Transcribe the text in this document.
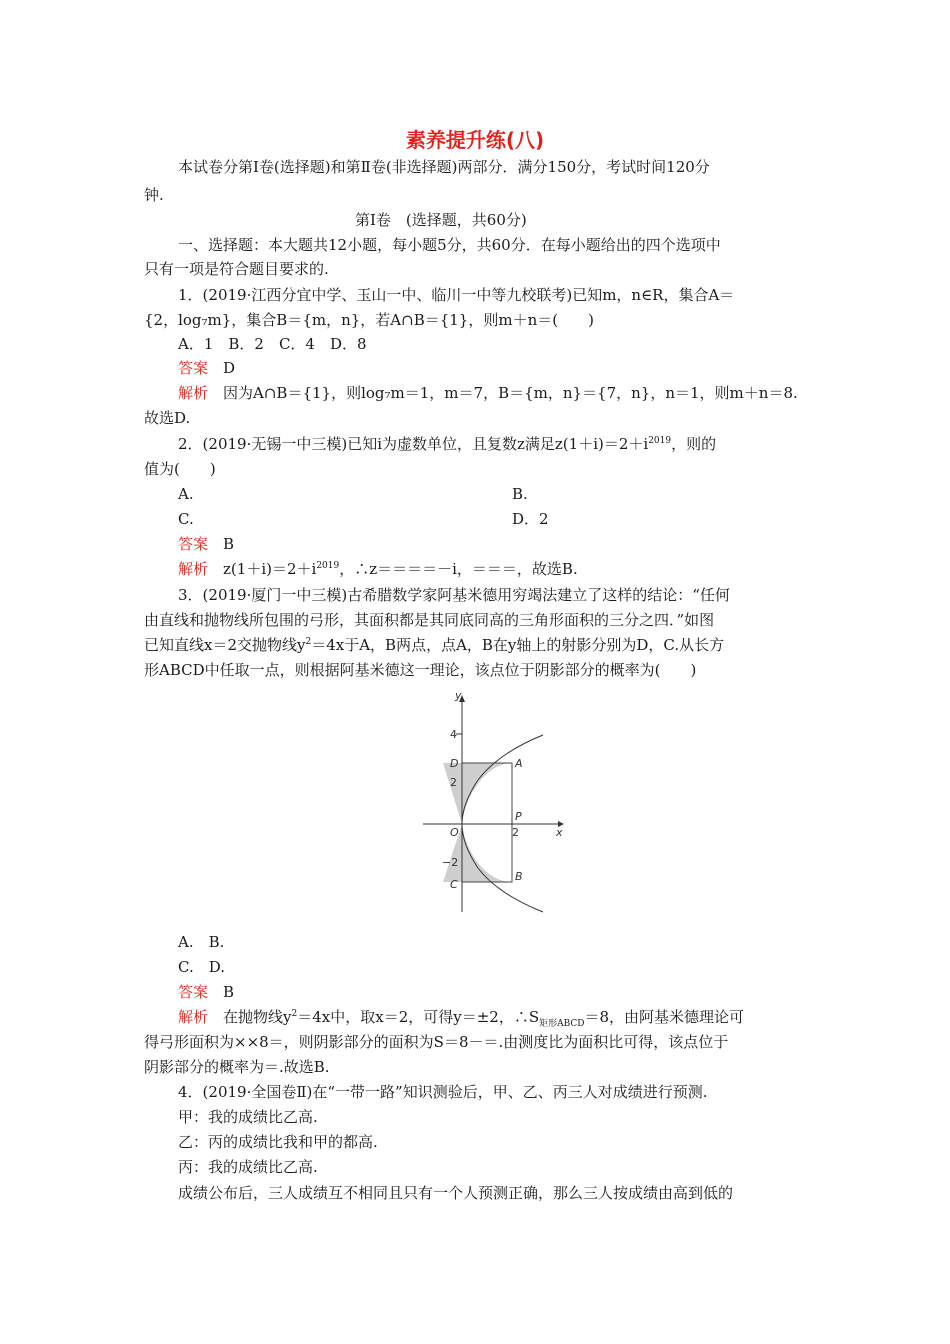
素养提升练(八)
本试卷分第Ⅰ卷(选择题)和第Ⅱ卷(非选择题)两部分．满分150分，考试时间120分
钟.
第Ⅰ卷　(选择题，共60分)
一、选择题：本大题共12小题，每小题5分，共60分．在每小题给出的四个选项中
只有一项是符合题目要求的.
1．(2019·江西分宜中学、玉山一中、临川一中等九校联考)已知m，n∈R，集合A＝
{2，log₇m}，集合B＝{m，n}，若A∩B＝{1}，则m＋n＝(　　)
A．1　B．2　C．4　D．8
答案　 D
解析　 因为A∩B＝{1}，则log₇m＝1，m＝7，B＝{m，n}＝{7，n}，n＝1，则m＋n＝8.
故选D.
2．(2019·无锡一中三模)已知i为虚数单位，且复数z满足$z(1+i)=2+i^{2019}$，则的
值为(　　)
A.	B.
C.	D．2
答案　 B
解析　 $z(1+i)=2+i^{2019}$，∴z＝＝＝＝－i，＝＝＝，故选B.
3．(2019·厦门一中三模)古希腊数学家阿基米德用穷竭法建立了这样的结论：“任何
由直线和抛物线所包围的弓形，其面积都是其同底同高的三角形面积的三分之四．”如图
已知直线x＝2交抛物线$y^2=4x$于A，B两点，点A，B在y轴上的射影分别为D，C.从长方
形ABCD中任取一点，则根据阿基米德这一理论，该点位于阴影部分的概率为(　　)
y
x
O
4
2
−2
2
D	A
P
C
B
A.　B.
C.　D.
答案　 B
解析　 在抛物线$y^2=4x$中，取x＝2，可得y＝±2，$\therefore S_{矩形ABCD}=8$，由阿基米德理论可
得弓形面积为××8＝，则阴影部分的面积为S＝8－＝.由测度比为面积比可得，该点位于
阴影部分的概率为＝.故选B.
4．(2019·全国卷Ⅱ)在“一带一路”知识测验后，甲、乙、丙三人对成绩进行预测.
甲：我的成绩比乙高.
乙：丙的成绩比我和甲的都高.
丙：我的成绩比乙高.
成绩公布后，三人成绩互不相同且只有一个人预测正确，那么三人按成绩由高到低的
